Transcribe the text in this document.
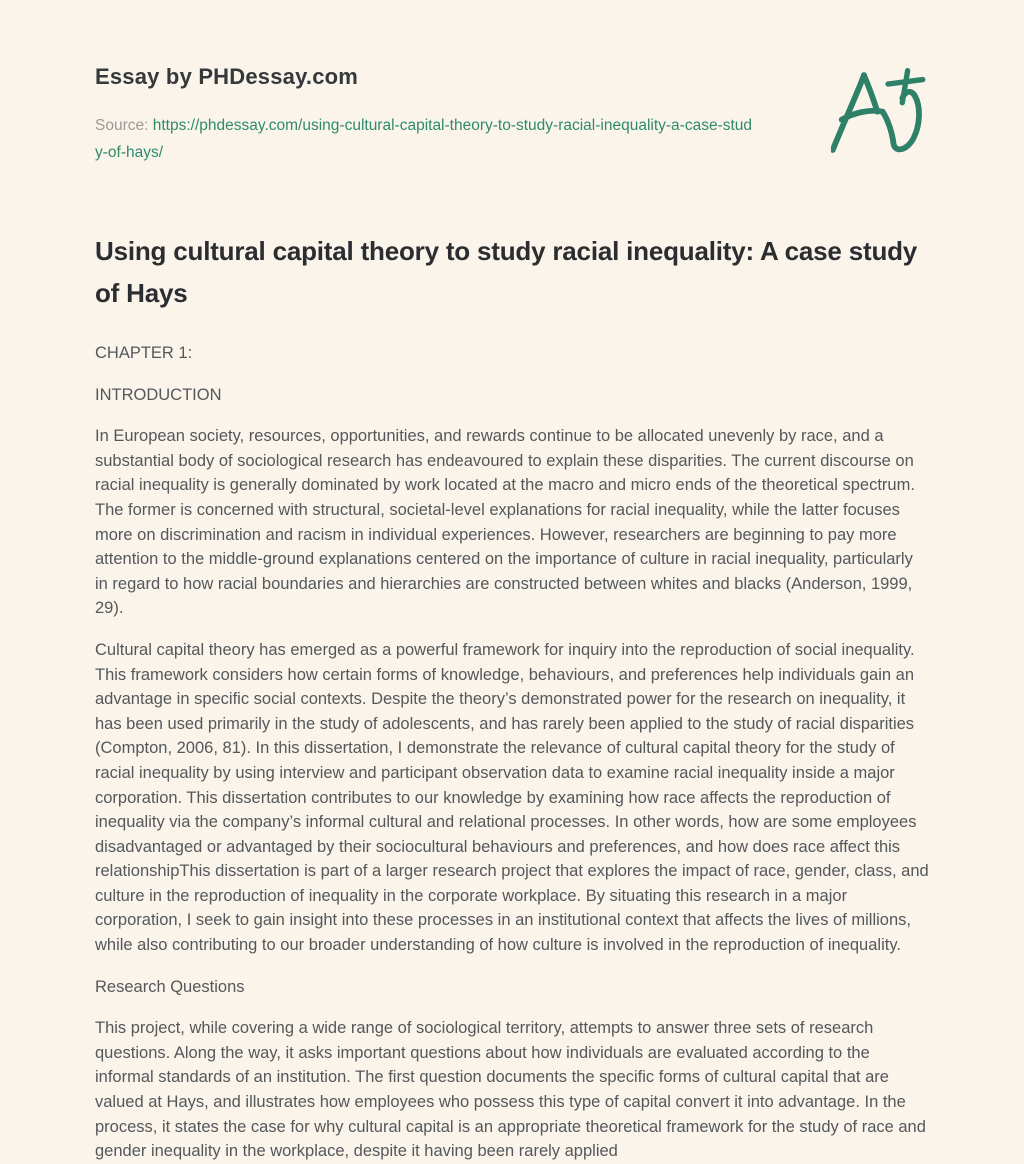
Essay by PHDessay.com

Source: https://phdessay.com/using-cultural-capital-theory-to-study-racial-inequality-a-case-study-of-hays/

Using cultural capital theory to study racial inequality: A case study of Hays

CHAPTER 1:

INTRODUCTION

In European society, resources, opportunities, and rewards continue to be allocated unevenly by race, and a substantial body of sociological research has endeavoured to explain these disparities. The current discourse on racial inequality is generally dominated by work located at the macro and micro ends of the theoretical spectrum. The former is concerned with structural, societal-level explanations for racial inequality, while the latter focuses more on discrimination and racism in individual experiences. However, researchers are beginning to pay more attention to the middle-ground explanations centered on the importance of culture in racial inequality, particularly in regard to how racial boundaries and hierarchies are constructed between whites and blacks (Anderson, 1999, 29).

Cultural capital theory has emerged as a powerful framework for inquiry into the reproduction of social inequality. This framework considers how certain forms of knowledge, behaviours, and preferences help individuals gain an advantage in specific social contexts. Despite the theory’s demonstrated power for the research on inequality, it has been used primarily in the study of adolescents, and has rarely been applied to the study of racial disparities (Compton, 2006, 81). In this dissertation, I demonstrate the relevance of cultural capital theory for the study of racial inequality by using interview and participant observation data to examine racial inequality inside a major corporation. This dissertation contributes to our knowledge by examining how race affects the reproduction of inequality via the company’s informal cultural and relational processes. In other words, how are some employees disadvantaged or advantaged by their sociocultural behaviours and preferences, and how does race affect this relationshipThis dissertation is part of a larger research project that explores the impact of race, gender, class, and culture in the reproduction of inequality in the corporate workplace. By situating this research in a major corporation, I seek to gain insight into these processes in an institutional context that affects the lives of millions, while also contributing to our broader understanding of how culture is involved in the reproduction of inequality.

Research Questions

This project, while covering a wide range of sociological territory, attempts to answer three sets of research questions. Along the way, it asks important questions about how individuals are evaluated according to the informal standards of an institution. The first question documents the specific forms of cultural capital that are valued at Hays, and illustrates how employees who possess this type of capital convert it into advantage. In the process, it states the case for why cultural capital is an appropriate theoretical framework for the study of race and gender inequality in the workplace, despite it having been rarely applied
